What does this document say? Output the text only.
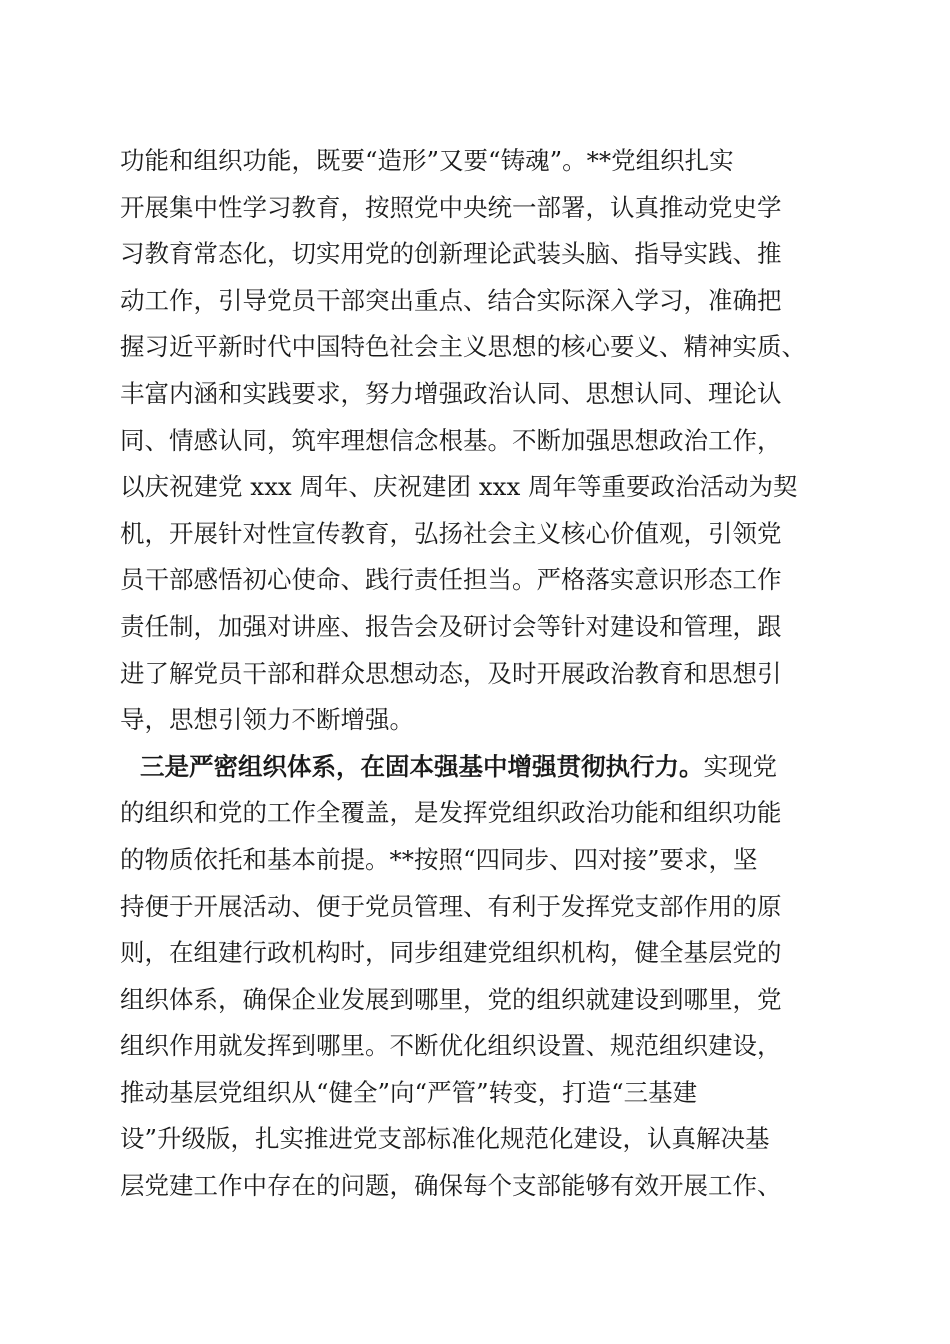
功能和组织功能，既要“造形”又要“铸魂”。**党组织扎实
开展集中性学习教育，按照党中央统一部署，认真推动党史学
习教育常态化，切实用党的创新理论武装头脑、指导实践、推
动工作，引导党员干部突出重点、结合实际深入学习，准确把
握习近平新时代中国特色社会主义思想的核心要义、精神实质、
丰富内涵和实践要求，努力增强政治认同、思想认同、理论认
同、情感认同，筑牢理想信念根基。不断加强思想政治工作，
以庆祝建党 xxx 周年、庆祝建团 xxx 周年等重要政治活动为契
机，开展针对性宣传教育，弘扬社会主义核心价值观，引领党
员干部感悟初心使命、践行责任担当。严格落实意识形态工作
责任制，加强对讲座、报告会及研讨会等针对建设和管理，跟
进了解党员干部和群众思想动态，及时开展政治教育和思想引
导，思想引领力不断增强。
三是严密组织体系，在固本强基中增强贯彻执行力。实现党
的组织和党的工作全覆盖，是发挥党组织政治功能和组织功能
的物质依托和基本前提。**按照“四同步、四对接”要求，坚
持便于开展活动、便于党员管理、有利于发挥党支部作用的原
则，在组建行政机构时，同步组建党组织机构，健全基层党的
组织体系，确保企业发展到哪里，党的组织就建设到哪里，党
组织作用就发挥到哪里。不断优化组织设置、规范组织建设，
推动基层党组织从“健全”向“严管”转变，打造“三基建
设”升级版，扎实推进党支部标准化规范化建设，认真解决基
层党建工作中存在的问题，确保每个支部能够有效开展工作、
